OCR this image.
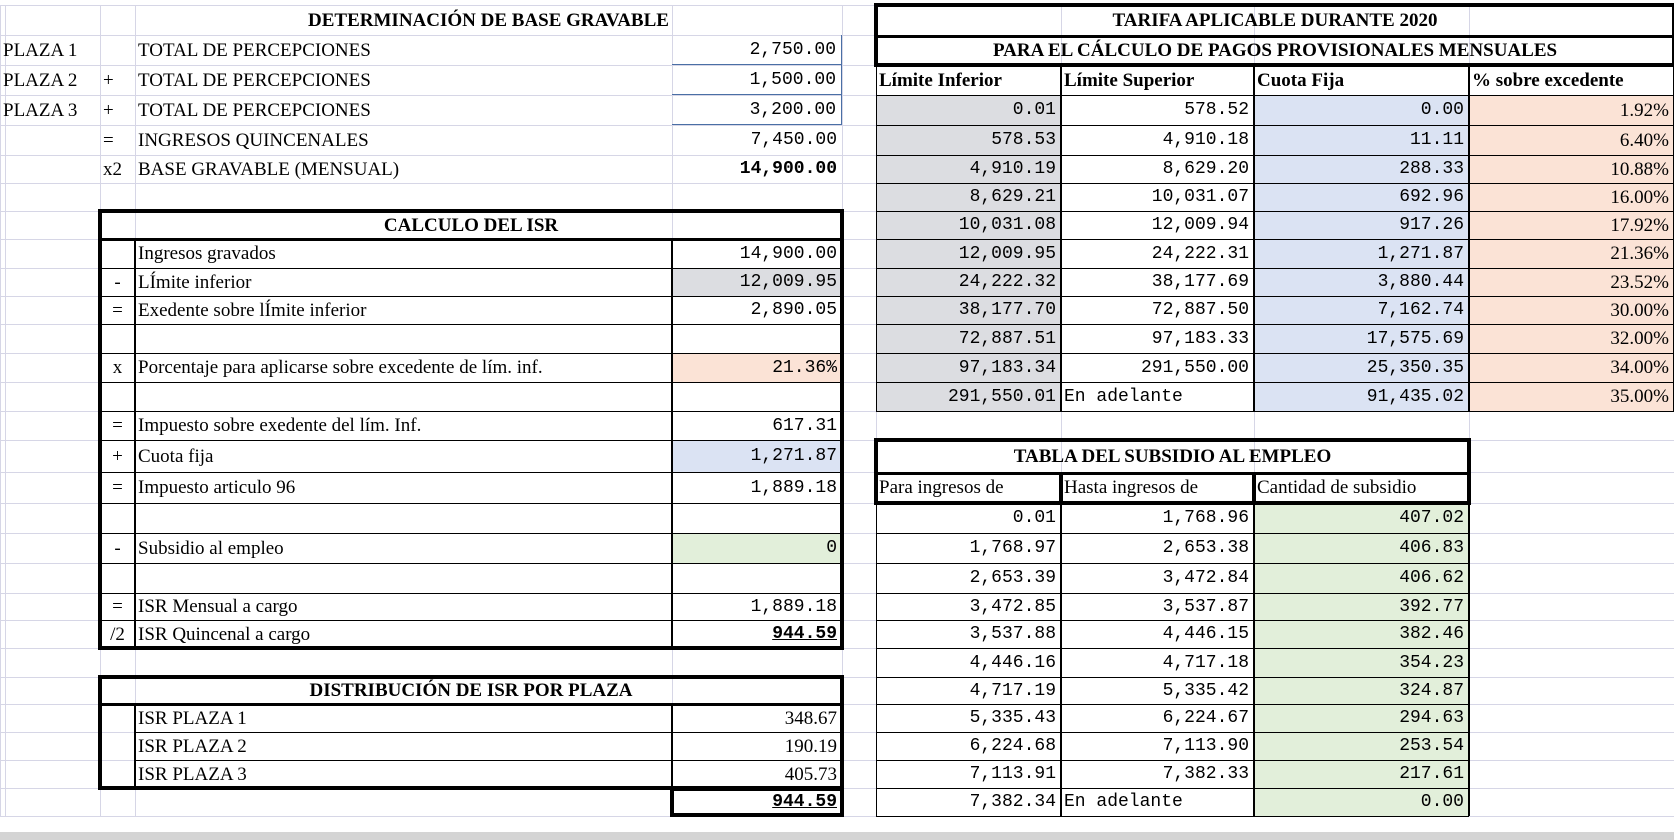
DETERMINACIÓN DE BASE GRAVABLE
PLAZA 1	TOTAL DE PERCEPCIONES	2,750.00
PLAZA 2	+	TOTAL DE PERCEPCIONES	1,500.00
PLAZA 3	+	TOTAL DE PERCEPCIONES	3,200.00
=	INGRESOS QUINCENALES	7,450.00
x2 BASE GRAVABLE (MENSUAL)	14,900.00
CALCULO DEL ISR
Ingresos gravados	14,900.00
- LÍmite inferior	12,009.95
= Exedente sobre lÍmite inferior	2,890.05
x Porcentaje para aplicarse sobre excedente de lím. inf.	21.36%
= Impuesto sobre exedente del lím. Inf.	617.31
+ Cuota fija	1,271.87
= Impuesto articulo 96	1,889.18
- Subsidio al empleo	0
= ISR Mensual a cargo	1,889.18
/2 ISR Quincenal a cargo	944.59
DISTRIBUCIÓN DE ISR POR PLAZA
ISR PLAZA 1	348.67
ISR PLAZA 2	190.19
ISR PLAZA 3	405.73
944.59
TARIFA APLICABLE DURANTE 2020
PARA EL CÁLCULO DE PAGOS PROVISIONALES MENSUALES
Límite Inferior	Límite Superior	Cuota Fija	% sobre excedente
0.01	578.52	0.00	1.92%
578.53	4,910.18	11.11	6.40%
4,910.19	8,629.20	288.33	10.88%
8,629.21	10,031.07	692.96	16.00%
10,031.08	12,009.94	917.26	17.92%
12,009.95	24,222.31	1,271.87	21.36%
24,222.32	38,177.69	3,880.44	23.52%
38,177.70	72,887.50	7,162.74	30.00%
72,887.51	97,183.33	17,575.69	32.00%
97,183.34	291,550.00	25,350.35	34.00%
291,550.01 En adelante	91,435.02	35.00%
TABLA DEL SUBSIDIO AL EMPLEO
Para ingresos de	Hasta ingresos de	Cantidad de subsidio
0.01	1,768.96	407.02
1,768.97	2,653.38	406.83
2,653.39	3,472.84	406.62
3,472.85	3,537.87	392.77
3,537.88	4,446.15	382.46
4,446.16	4,717.18	354.23
4,717.19	5,335.42	324.87
5,335.43	6,224.67	294.63
6,224.68	7,113.90	253.54
7,113.91	7,382.33	217.61
7,382.34 En adelante	0.00
